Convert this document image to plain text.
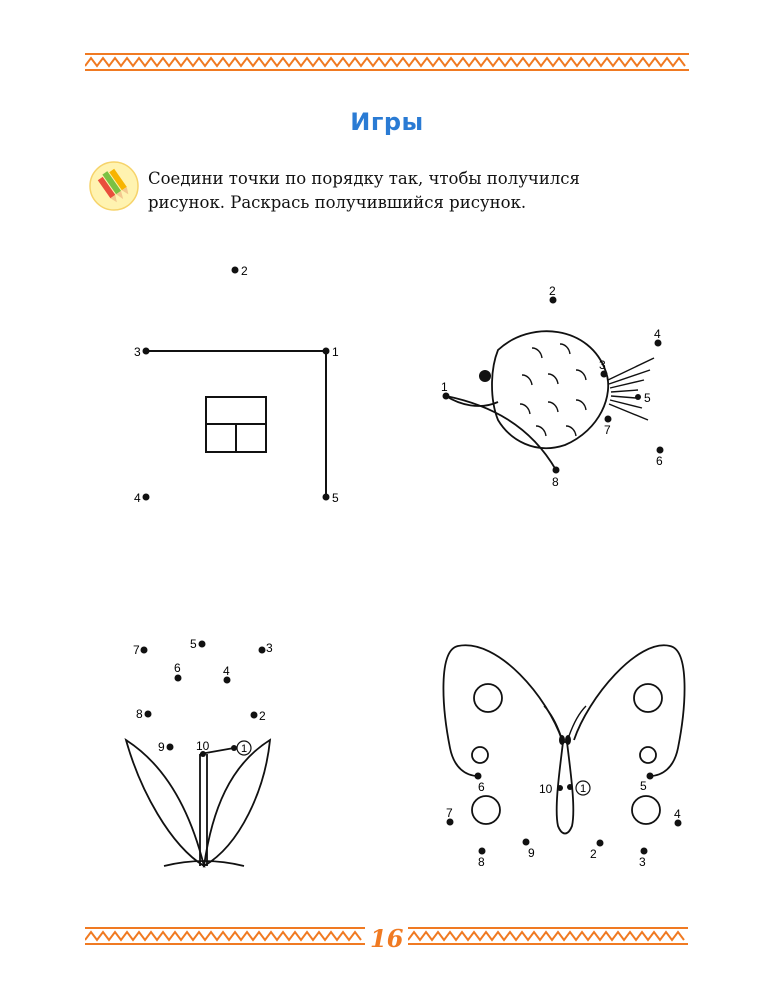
Игры
Соедини точки по порядку так, чтобы получился
рисунок. Раскрась получившийся рисунок.
1
2
3
4	5
1
2
3
4
5
6
7
8
1
2
3
4
5
6
7
8
9	10
1
2
3
4
5
6
7
8
9
10
16
